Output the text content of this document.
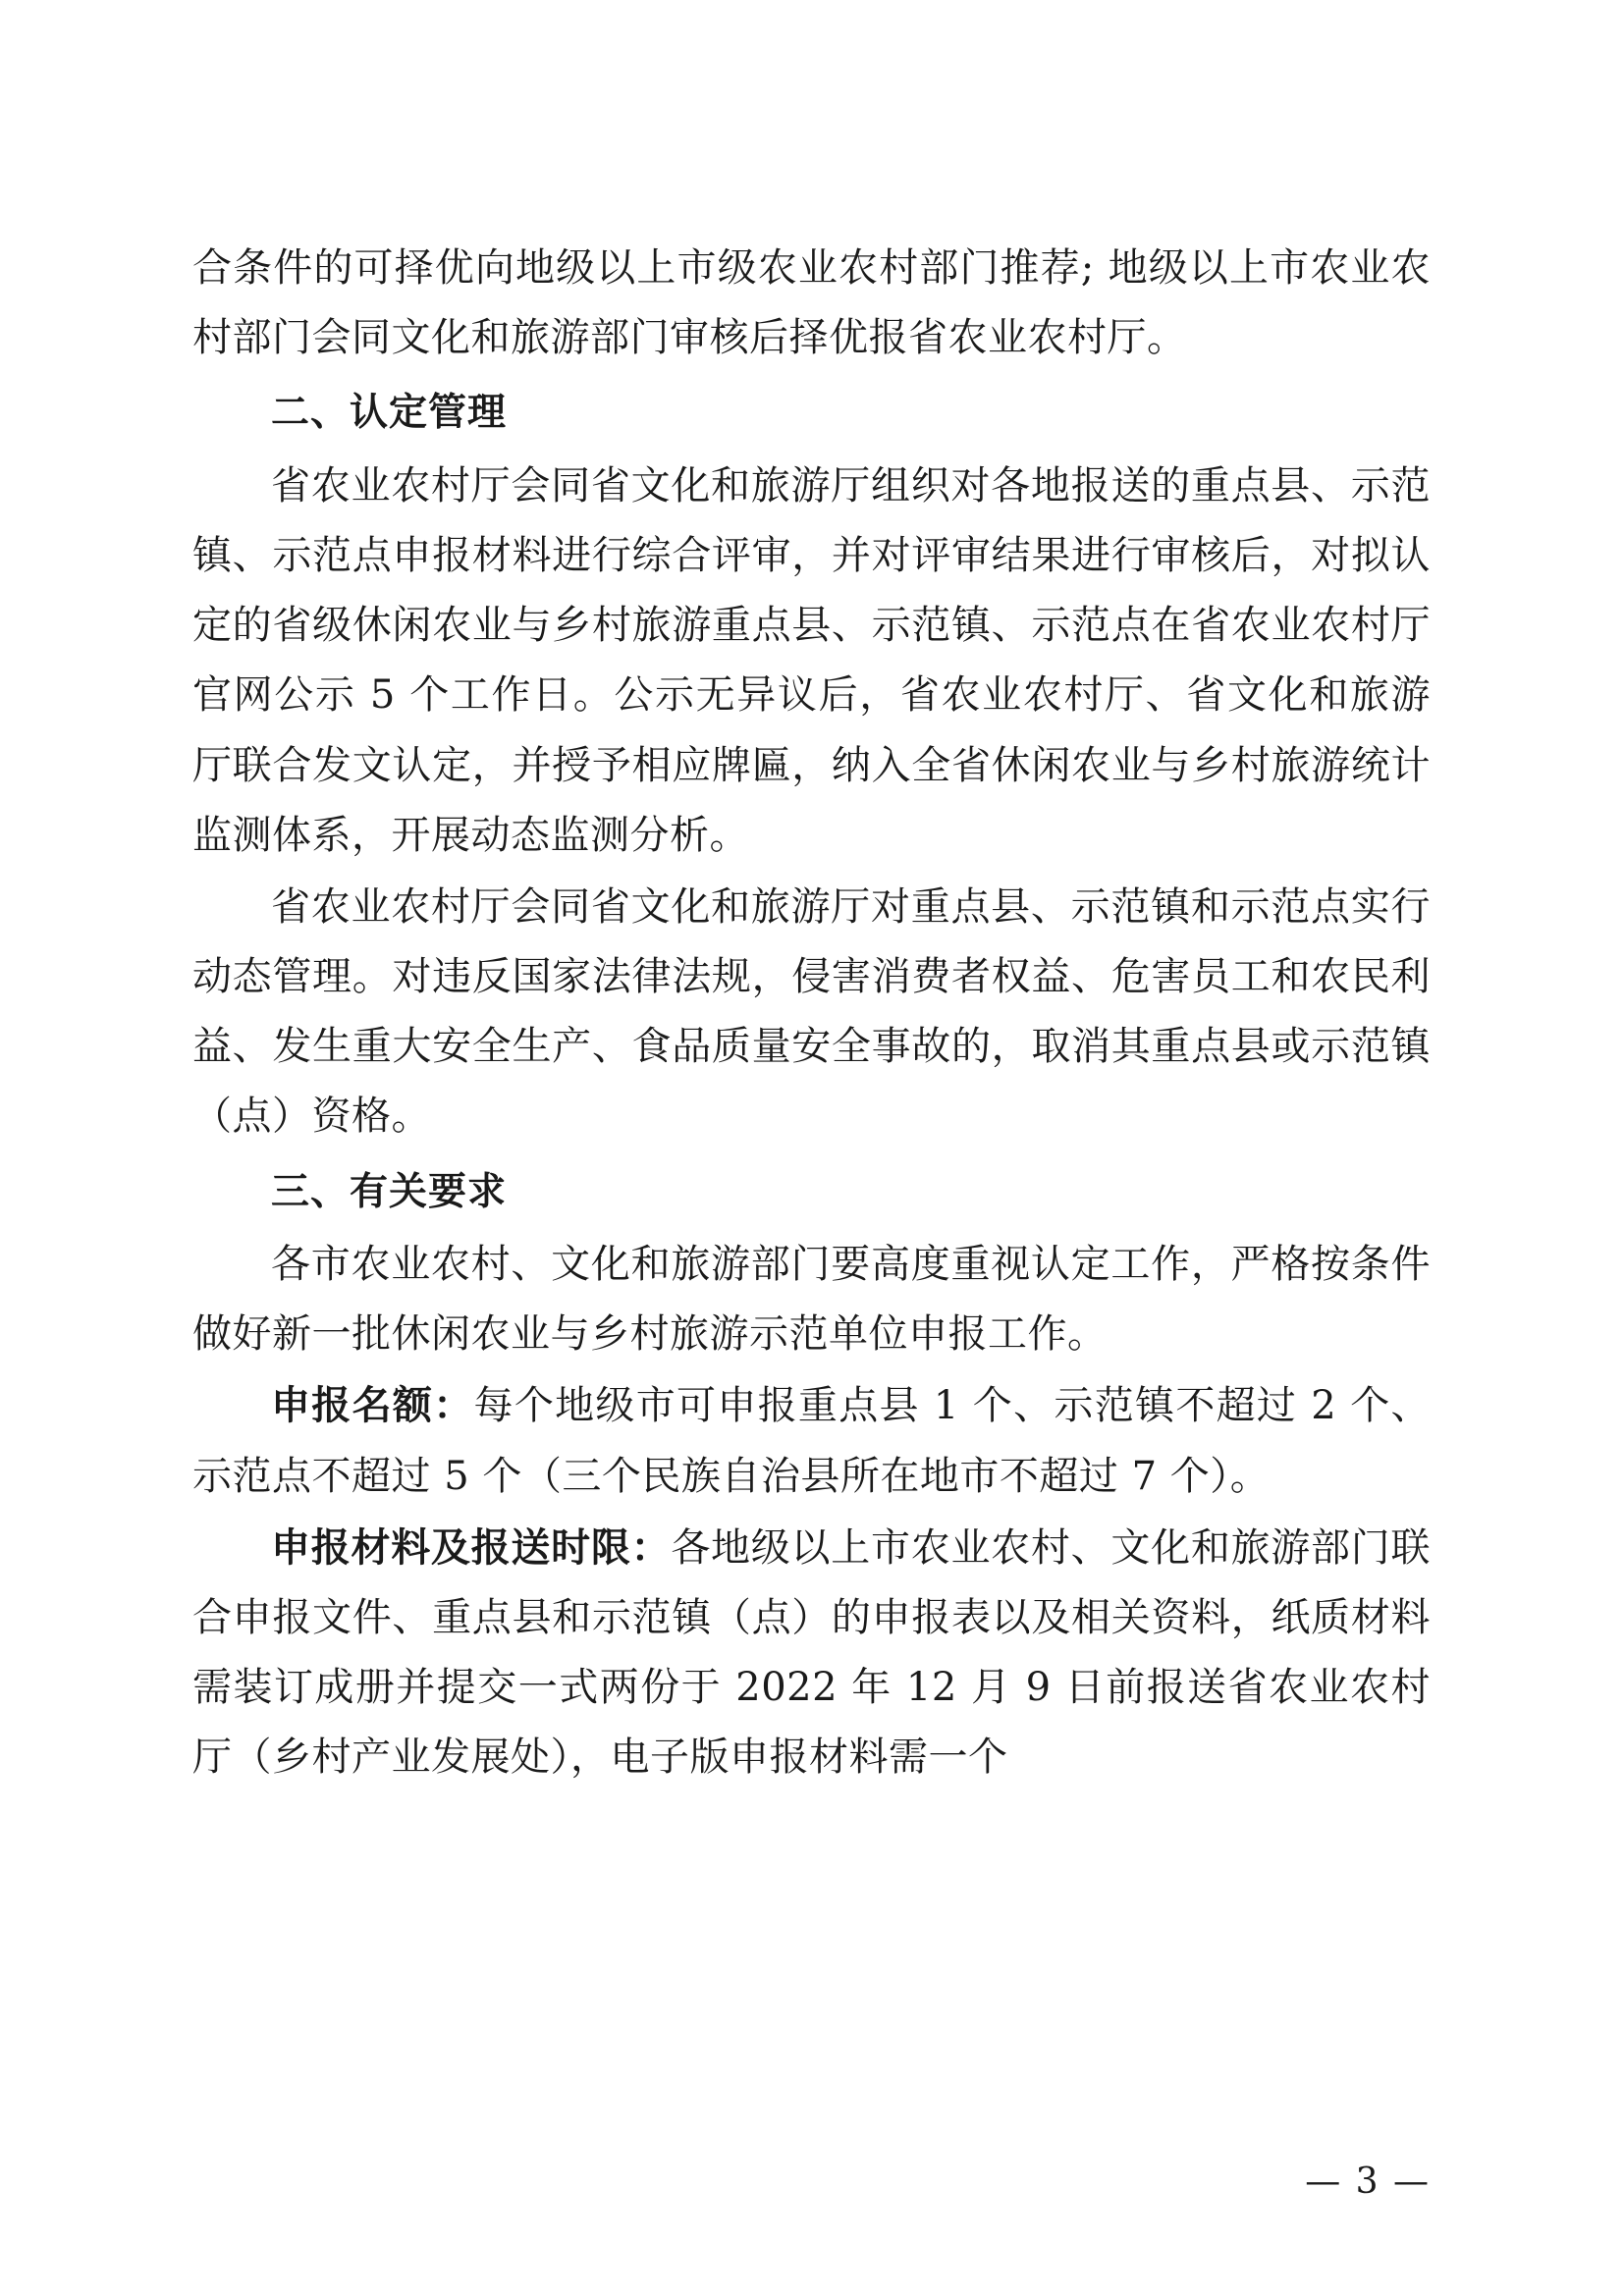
合条件的可择优向地级以上市级农业农村部门推荐; 地级以上市农业农村部门会同文化和旅游部门审核后择优报省农业农村厅。

二、认定管理

省农业农村厅会同省文化和旅游厅组织对各地报送的重点县、示范镇、示范点申报材料进行综合评审，并对评审结果进行审核后，对拟认定的省级休闲农业与乡村旅游重点县、示范镇、示范点在省农业农村厅官网公示 5 个工作日。公示无异议后，省农业农村厅、省文化和旅游厅联合发文认定，并授予相应牌匾，纳入全省休闲农业与乡村旅游统计监测体系，开展动态监测分析。

省农业农村厅会同省文化和旅游厅对重点县、示范镇和示范点实行动态管理。对违反国家法律法规，侵害消费者权益、危害员工和农民利益、发生重大安全生产、食品质量安全事故的，取消其重点县或示范镇（点）资格。

三、有关要求

各市农业农村、文化和旅游部门要高度重视认定工作，严格按条件做好新一批休闲农业与乡村旅游示范单位申报工作。

申报名额：每个地级市可申报重点县 1 个、示范镇不超过 2 个、示范点不超过 5 个（三个民族自治县所在地市不超过 7 个）。

申报材料及报送时限：各地级以上市农业农村、文化和旅游部门联合申报文件、重点县和示范镇（点）的申报表以及相关资料，纸质材料需装订成册并提交一式两份于 2022 年 12 月 9 日前报送省农业农村厅（乡村产业发展处），电子版申报材料需一个

— 3 —
